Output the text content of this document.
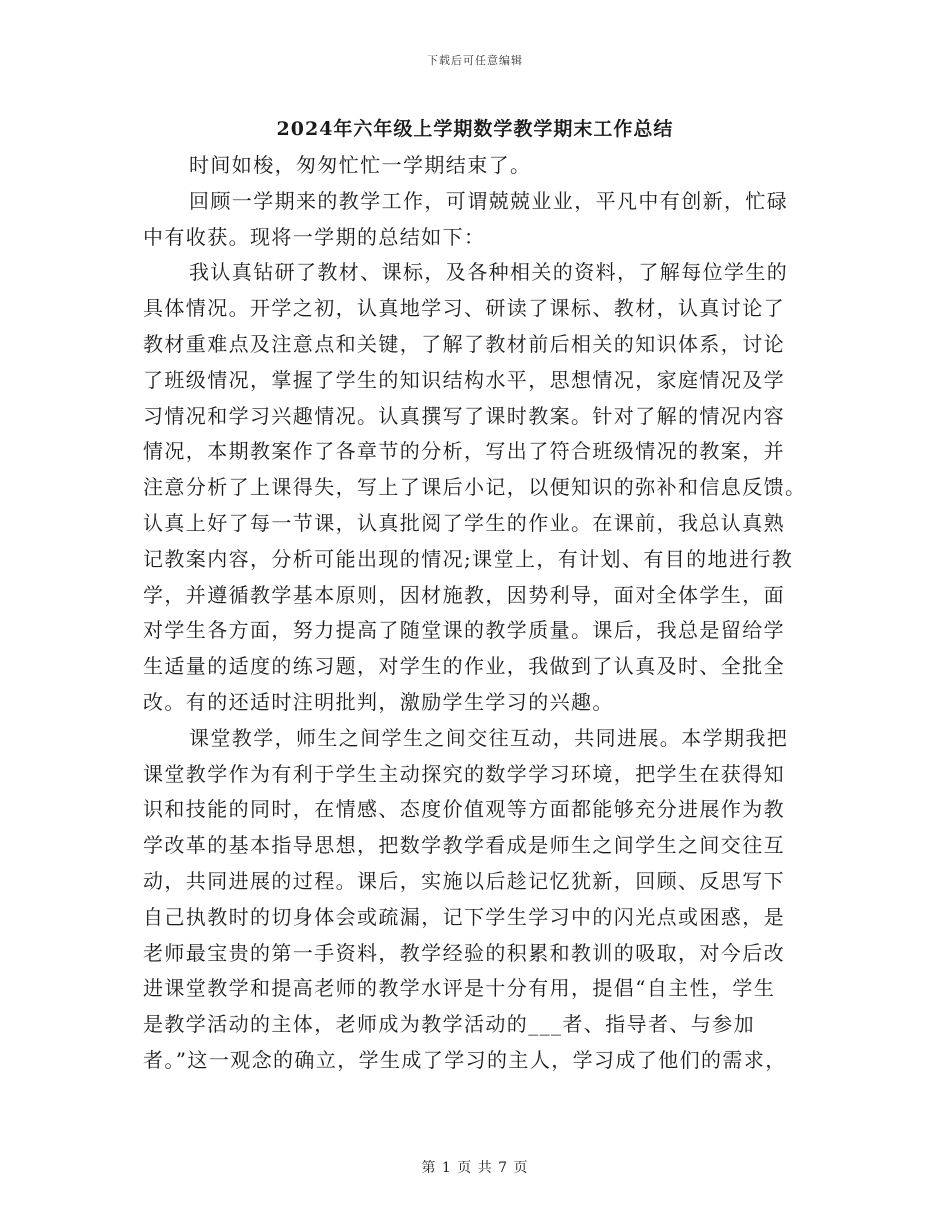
下载后可任意编辑
2024年六年级上学期数学教学期末工作总结
时间如梭，匆匆忙忙一学期结束了。
回顾一学期来的教学工作，可谓兢兢业业，平凡中有创新，忙碌
中有收获。现将一学期的总结如下：
我认真钻研了教材、课标，及各种相关的资料，了解每位学生的
具体情况。开学之初，认真地学习、研读了课标、教材，认真讨论了
教材重难点及注意点和关键，了解了教材前后相关的知识体系，讨论
了班级情况，掌握了学生的知识结构水平，思想情况，家庭情况及学
习情况和学习兴趣情况。认真撰写了课时教案。针对了解的情况内容
情况，本期教案作了各章节的分析，写出了符合班级情况的教案，并
注意分析了上课得失，写上了课后小记，以便知识的弥补和信息反馈。
认真上好了每一节课，认真批阅了学生的作业。在课前，我总认真熟
记教案内容，分析可能出现的情况;课堂上，有计划、有目的地进行教
学，并遵循教学基本原则，因材施教，因势利导，面对全体学生，面
对学生各方面，努力提高了随堂课的教学质量。课后，我总是留给学
生适量的适度的练习题，对学生的作业，我做到了认真及时、全批全
改。有的还适时注明批判，激励学生学习的兴趣。
课堂教学，师生之间学生之间交往互动，共同进展。本学期我把
课堂教学作为有利于学生主动探究的数学学习环境，把学生在获得知
识和技能的同时，在情感、态度价值观等方面都能够充分进展作为教
学改革的基本指导思想，把数学教学看成是师生之间学生之间交往互
动，共同进展的过程。课后，实施以后趁记忆犹新，回顾、反思写下
自己执教时的切身体会或疏漏，记下学生学习中的闪光点或困惑，是
老师最宝贵的第一手资料，教学经验的积累和教训的吸取，对今后改
进课堂教学和提高老师的教学水评是十分有用，提倡“自主性，学生
是教学活动的主体，老师成为教学活动的___者、指导者、与参加
者。”这一观念的确立，学生成了学习的主人，学习成了他们的需求，
第 1 页 共 7 页
